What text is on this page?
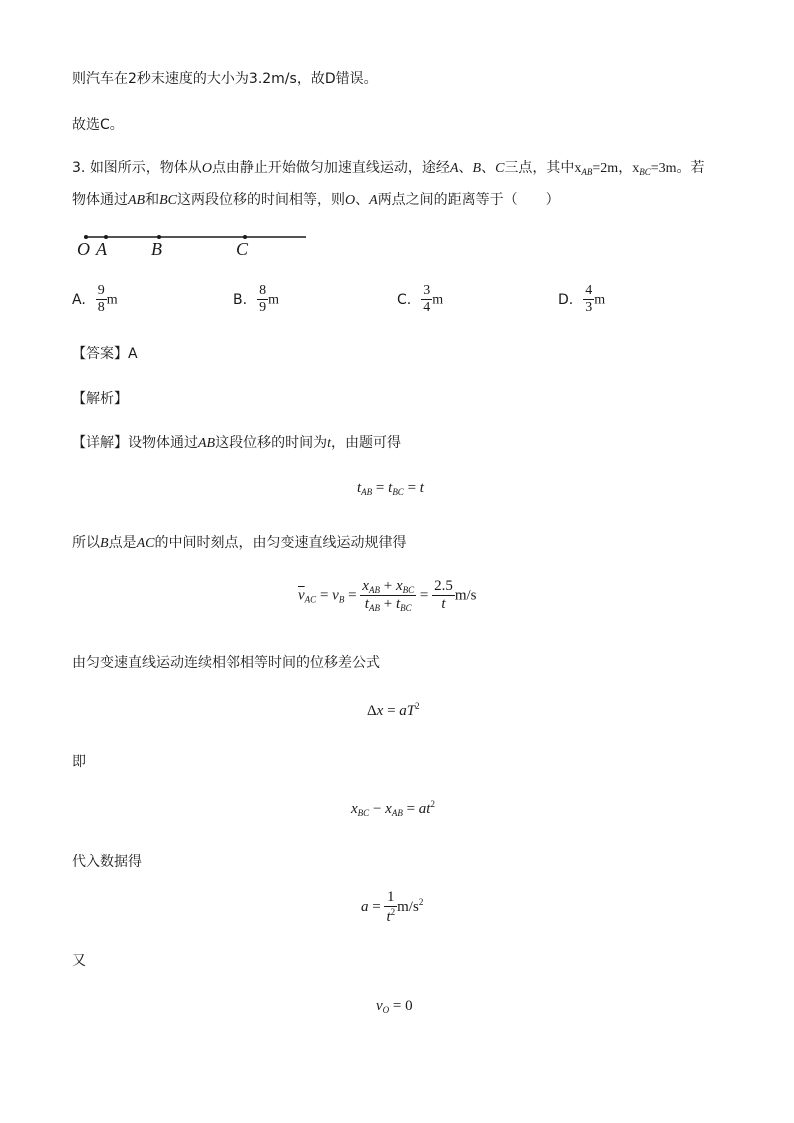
则汽车在2秒末速度的大小为3.2m/s，故D错误。
故选C。
3. 如图所示，物体从O点由静止开始做匀加速直线运动，途经A、B、C三点，其中$x_{AB}=2m$，$x_{BC}=3m$。若
物体通过AB和BC这两段位移的时间相等，则O、A两点之间的距离等于（　　）
O A B	C
A. $\frac{9}{8}$ m	B. $\frac{8}{9}$ m	C. $\frac{3}{4}$ m	D. $\frac{4}{3}$ m
【答案】A
【解析】
【详解】设物体通过AB这段位移的时间为t，由题可得
$t_{AB} = t_{BC} = t$
所以B点是AC的中间时刻点，由匀变速直线运动规律得
$\overline{v}_{AC} = v_B = \frac{x_{AB} + x_{BC}}{t_{AB} + t_{BC}} = \frac{2.5}{t} m/s$
由匀变速直线运动连续相邻相等时间的位移差公式
$\Delta x = aT^2$
即
$x_{BC} - x_{AB} = at^2$
代入数据得
$a = \frac{1}{t^2} m/s^2$
又
$v_O = 0$
